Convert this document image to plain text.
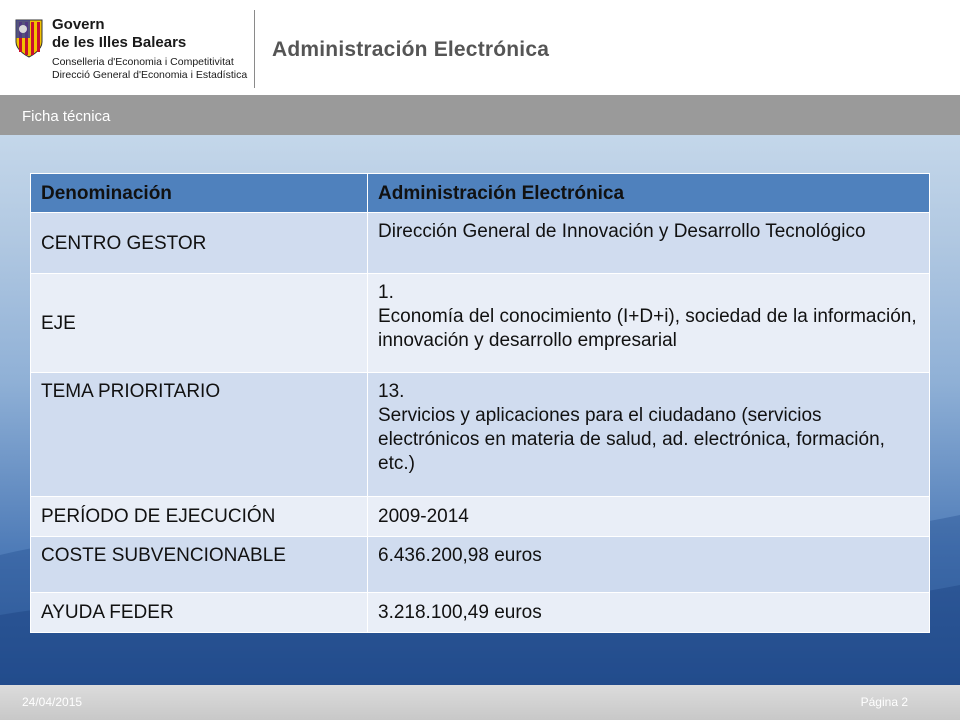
Govern
de les Illes Balears
Conselleria d'Economia i Competitivitat
Direcció General d'Economia i Estadística
Administración Electrónica
Ficha técnica
Denominación	Administración Electrónica
CENTRO GESTOR	Dirección General de Innovación y Desarrollo Tecnológico

EJE	1.
Economía del conocimiento (I+D+i), sociedad de la información, innovación y desarrollo empresarial

TEMA PRIORITARIO	13.
Servicios y aplicaciones para el ciudadano (servicios electrónicos en materia de salud, ad. electrónica, formación, etc.)

PERÍODO DE EJECUCIÓN	2009-2014

COSTE SUBVENCIONABLE	6.436.200,98 euros

AYUDA FEDER	3.218.100,49 euros
24/04/2015	Página 2
